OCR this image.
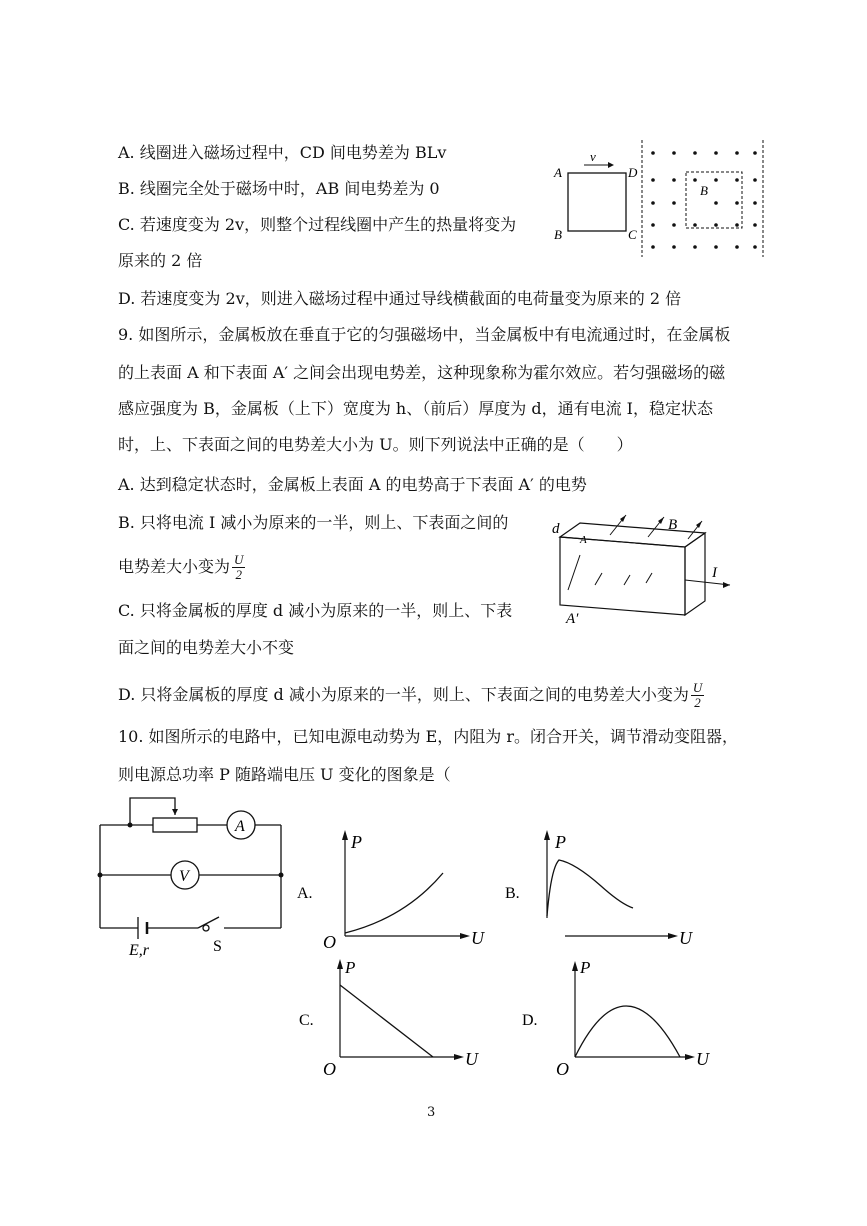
A. 线圈进入磁场过程中，CD 间电势差为 BLv
B. 线圈完全处于磁场中时，AB 间电势差为 0
C. 若速度变为 2v，则整个过程线圈中产生的热量将变为
原来的 2 倍
D. 若速度变为 2v，则进入磁场过程中通过导线横截面的电荷量变为原来的 2 倍
v
A	D
B	C
B
9. 如图所示，金属板放在垂直于它的匀强磁场中，当金属板中有电流通过时，在金属板
的上表面 A 和下表面 A′ 之间会出现电势差，这种现象称为霍尔效应。若匀强磁场的磁
感应强度为 B，金属板（上下）宽度为 h、（前后）厚度为 d，通有电流 I，稳定状态
时，上、下表面之间的电势差大小为 U。则下列说法中正确的是（　　）
A. 达到稳定状态时，金属板上表面 A 的电势高于下表面 A′ 的电势
B. 只将电流 I 减小为原来的一半，则上、下表面之间的
电势差大小变为 $\frac{U}{2}$
C. 只将金属板的厚度 d 减小为原来的一半，则上、下表
面之间的电势差大小不变
D. 只将金属板的厚度 d 减小为原来的一半，则上、下表面之间的电势差大小变为 $\frac{U}{2}$
d	B
A
I
A′
10. 如图所示的电路中，已知电源电动势为 E，内阻为 r。闭合开关，调节滑动变阻器，
则电源总功率 P 随路端电压 U 变化的图象是（
A
V
E,r	S
A.
P
U
O
B.
P
U
C.
P
U
O
D.
P
U
O
3
